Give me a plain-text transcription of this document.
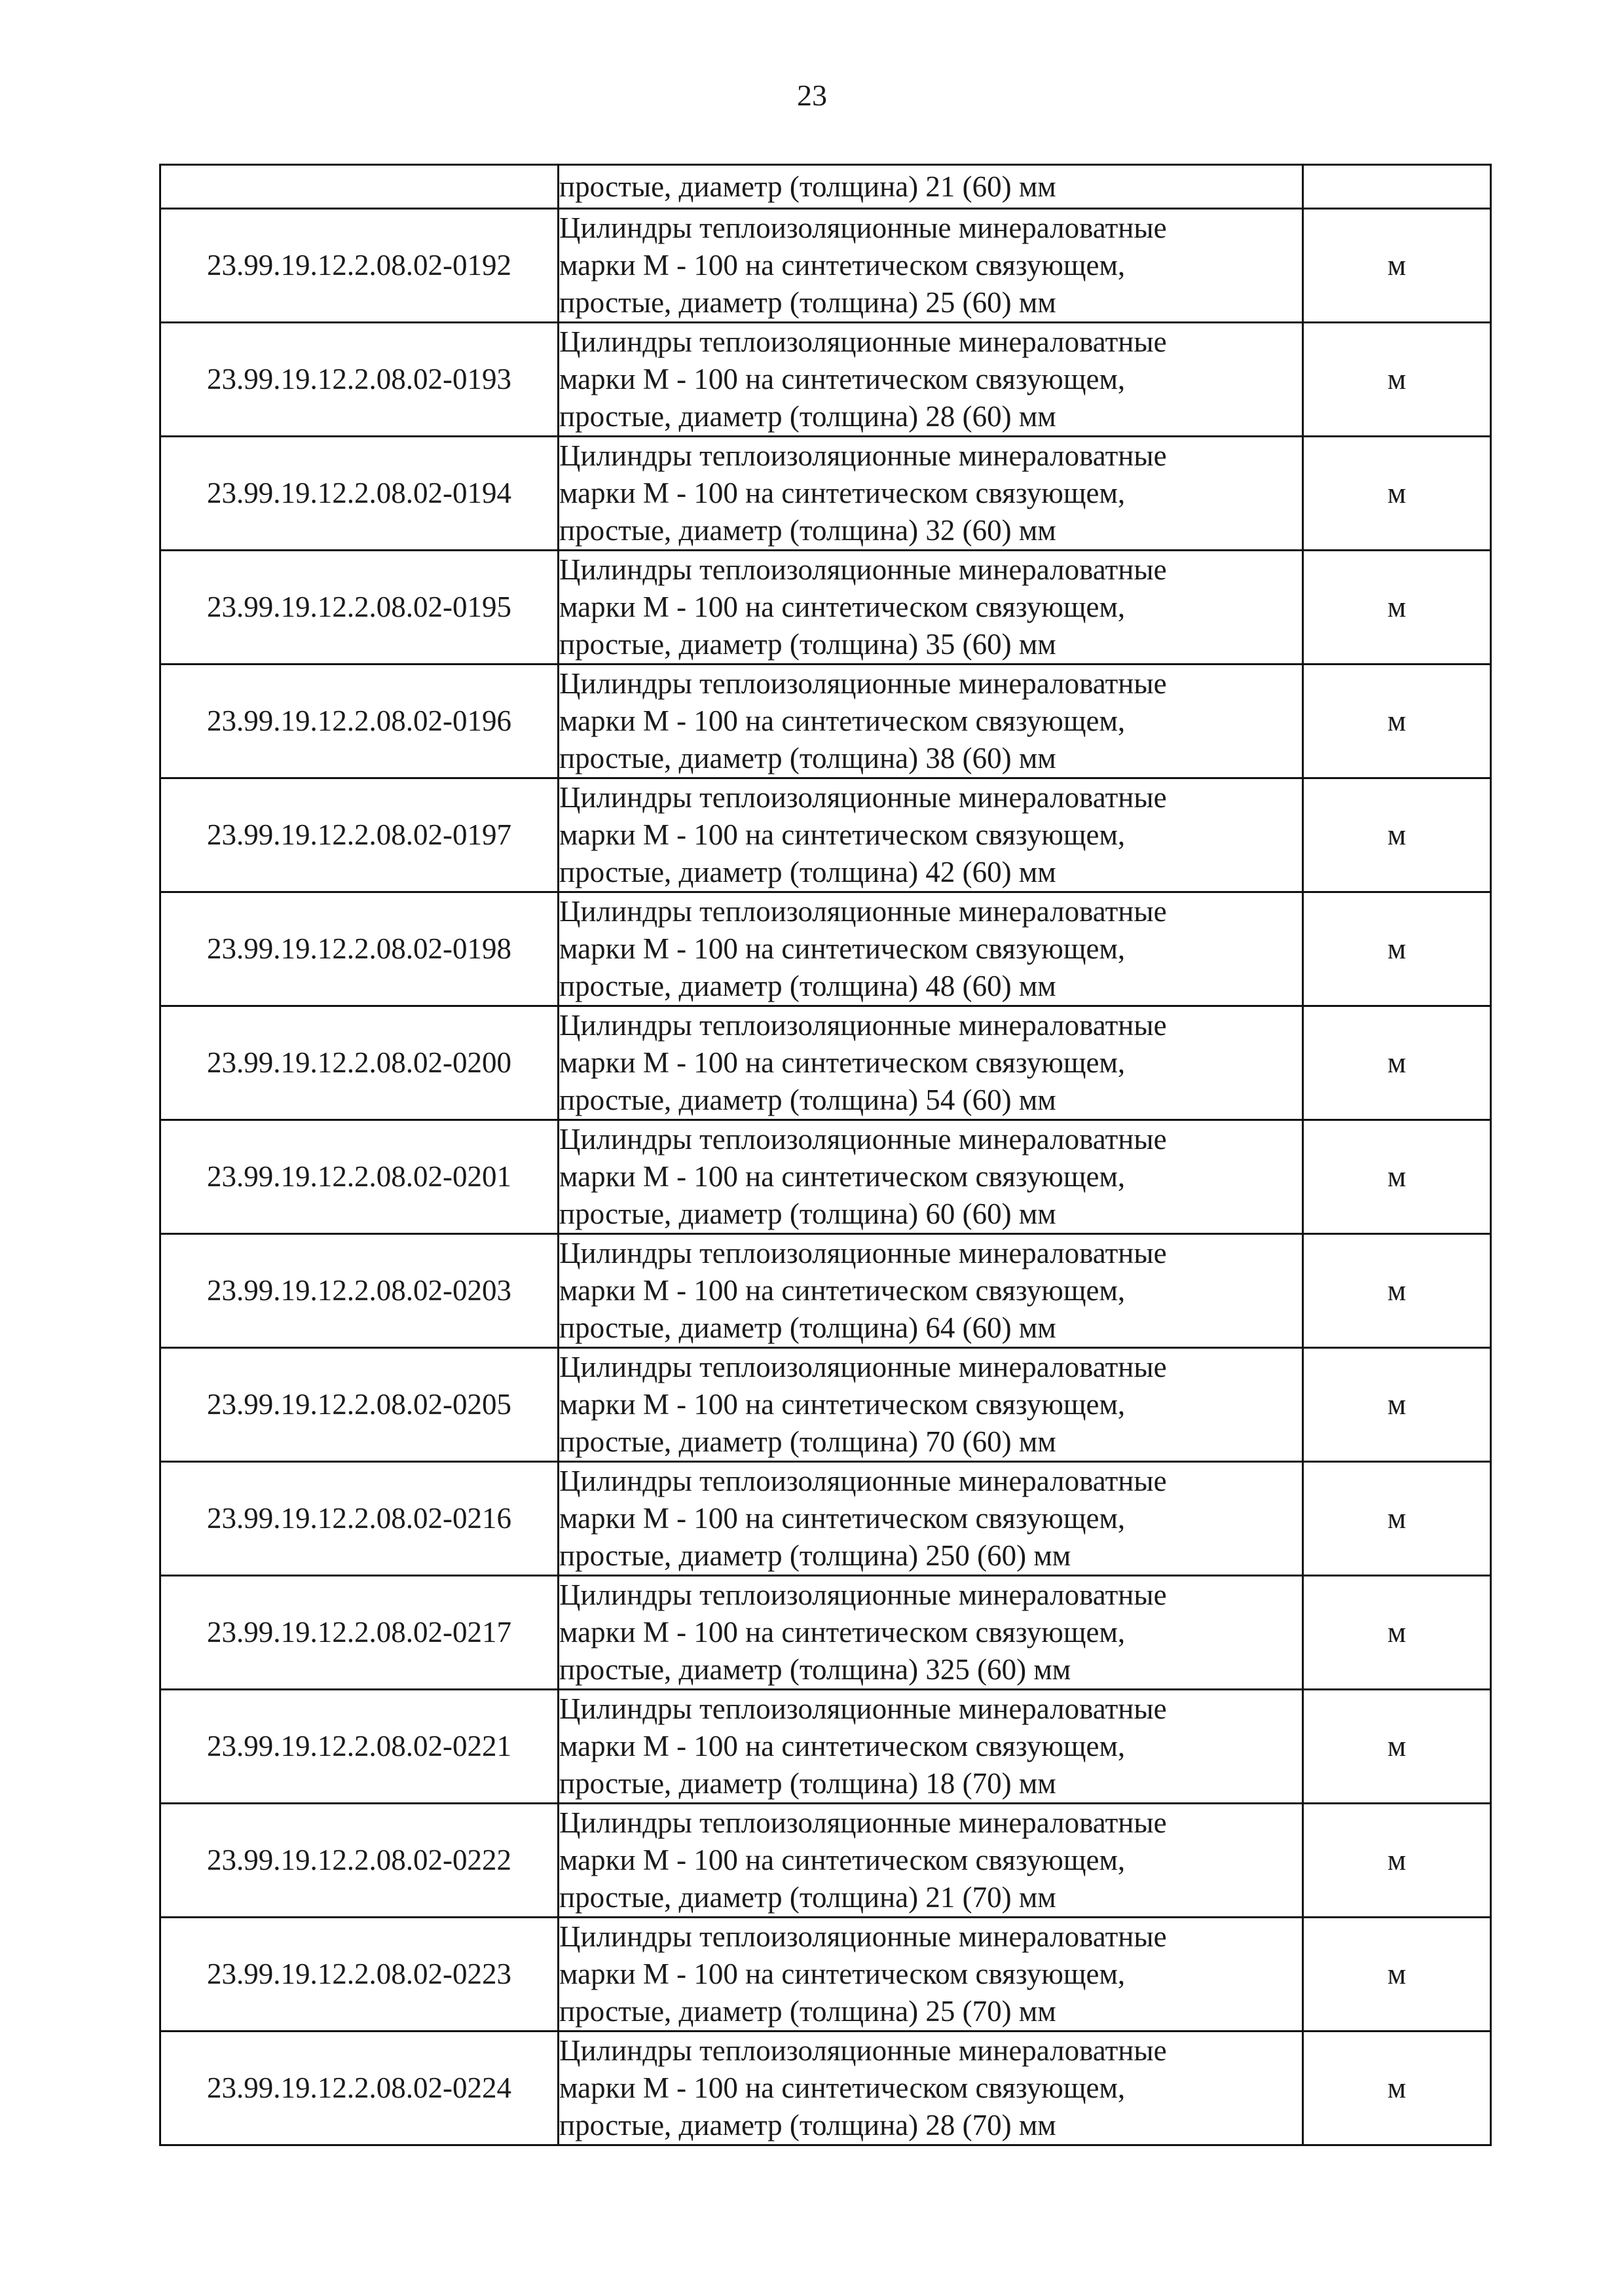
23
	простые, диаметр (толщина) 21 (60) мм	
23.99.19.12.2.08.02-0192	Цилиндры теплоизоляционные минераловатные
марки М - 100 на синтетическом связующем,
простые, диаметр (толщина) 25 (60) мм	м
23.99.19.12.2.08.02-0193	Цилиндры теплоизоляционные минераловатные
марки М - 100 на синтетическом связующем,
простые, диаметр (толщина) 28 (60) мм	м
23.99.19.12.2.08.02-0194	Цилиндры теплоизоляционные минераловатные
марки М - 100 на синтетическом связующем,
простые, диаметр (толщина) 32 (60) мм	м
23.99.19.12.2.08.02-0195	Цилиндры теплоизоляционные минераловатные
марки М - 100 на синтетическом связующем,
простые, диаметр (толщина) 35 (60) мм	м
23.99.19.12.2.08.02-0196	Цилиндры теплоизоляционные минераловатные
марки М - 100 на синтетическом связующем,
простые, диаметр (толщина) 38 (60) мм	м
23.99.19.12.2.08.02-0197	Цилиндры теплоизоляционные минераловатные
марки М - 100 на синтетическом связующем,
простые, диаметр (толщина) 42 (60) мм	м
23.99.19.12.2.08.02-0198	Цилиндры теплоизоляционные минераловатные
марки М - 100 на синтетическом связующем,
простые, диаметр (толщина) 48 (60) мм	м
23.99.19.12.2.08.02-0200	Цилиндры теплоизоляционные минераловатные
марки М - 100 на синтетическом связующем,
простые, диаметр (толщина) 54 (60) мм	м
23.99.19.12.2.08.02-0201	Цилиндры теплоизоляционные минераловатные
марки М - 100 на синтетическом связующем,
простые, диаметр (толщина) 60 (60) мм	м
23.99.19.12.2.08.02-0203	Цилиндры теплоизоляционные минераловатные
марки М - 100 на синтетическом связующем,
простые, диаметр (толщина) 64 (60) мм	м
23.99.19.12.2.08.02-0205	Цилиндры теплоизоляционные минераловатные
марки М - 100 на синтетическом связующем,
простые, диаметр (толщина) 70 (60) мм	м
23.99.19.12.2.08.02-0216	Цилиндры теплоизоляционные минераловатные
марки М - 100 на синтетическом связующем,
простые, диаметр (толщина) 250 (60) мм	м
23.99.19.12.2.08.02-0217	Цилиндры теплоизоляционные минераловатные
марки М - 100 на синтетическом связующем,
простые, диаметр (толщина) 325 (60) мм	м
23.99.19.12.2.08.02-0221	Цилиндры теплоизоляционные минераловатные
марки М - 100 на синтетическом связующем,
простые, диаметр (толщина) 18 (70) мм	м
23.99.19.12.2.08.02-0222	Цилиндры теплоизоляционные минераловатные
марки М - 100 на синтетическом связующем,
простые, диаметр (толщина) 21 (70) мм	м
23.99.19.12.2.08.02-0223	Цилиндры теплоизоляционные минераловатные
марки М - 100 на синтетическом связующем,
простые, диаметр (толщина) 25 (70) мм	м
23.99.19.12.2.08.02-0224	Цилиндры теплоизоляционные минераловатные
марки М - 100 на синтетическом связующем,
простые, диаметр (толщина) 28 (70) мм	м
